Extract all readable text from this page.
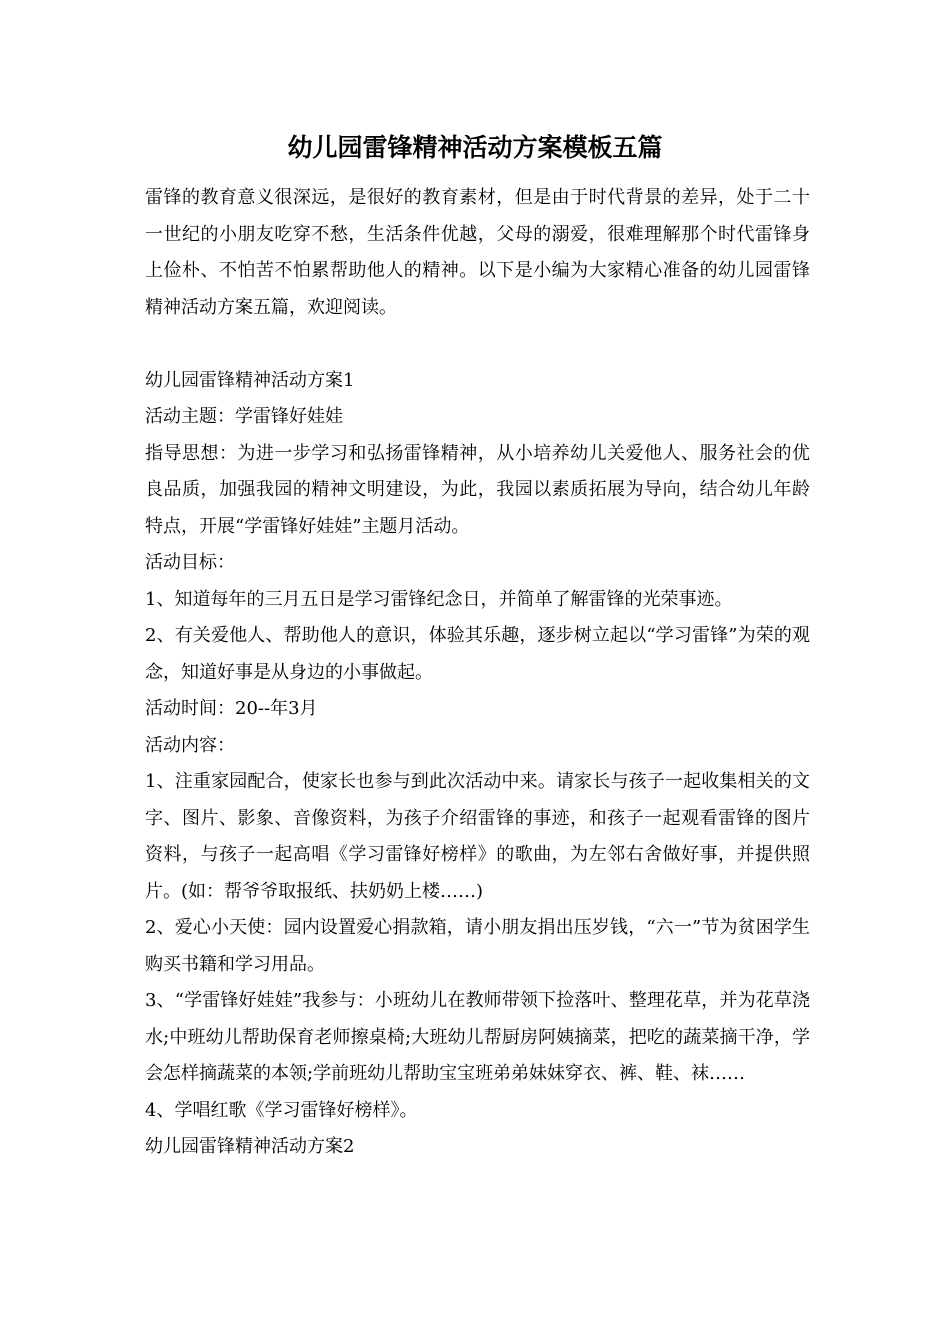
幼儿园雷锋精神活动方案模板五篇

雷锋的教育意义很深远，是很好的教育素材，但是由于时代背景的差异，处于二十一世纪的小朋友吃穿不愁，生活条件优越，父母的溺爱，很难理解那个时代雷锋身上俭朴、不怕苦不怕累帮助他人的精神。以下是小编为大家精心准备的幼儿园雷锋精神活动方案五篇，欢迎阅读。

幼儿园雷锋精神活动方案1

活动主题：学雷锋好娃娃

指导思想：为进一步学习和弘扬雷锋精神，从小培养幼儿关爱他人、服务社会的优良品质，加强我园的精神文明建设，为此，我园以素质拓展为导向，结合幼儿年龄特点，开展“学雷锋好娃娃”主题月活动。

活动目标：

1、知道每年的三月五日是学习雷锋纪念日，并简单了解雷锋的光荣事迹。

2、有关爱他人、帮助他人的意识，体验其乐趣，逐步树立起以“学习雷锋”为荣的观念，知道好事是从身边的小事做起。

活动时间：20--年3月

活动内容：

1、注重家园配合，使家长也参与到此次活动中来。请家长与孩子一起收集相关的文字、图片、影象、音像资料，为孩子介绍雷锋的事迹，和孩子一起观看雷锋的图片资料，与孩子一起高唱《学习雷锋好榜样》的歌曲，为左邻右舍做好事，并提供照片。(如：帮爷爷取报纸、扶奶奶上楼……)

2、爱心小天使：园内设置爱心捐款箱，请小朋友捐出压岁钱，“六一”节为贫困学生购买书籍和学习用品。

3、“学雷锋好娃娃”我参与：小班幼儿在教师带领下捡落叶、整理花草，并为花草浇水;中班幼儿帮助保育老师擦桌椅;大班幼儿帮厨房阿姨摘菜，把吃的蔬菜摘干净，学会怎样摘蔬菜的本领;学前班幼儿帮助宝宝班弟弟妹妹穿衣、裤、鞋、袜……

4、学唱红歌《学习雷锋好榜样》。

幼儿园雷锋精神活动方案2
